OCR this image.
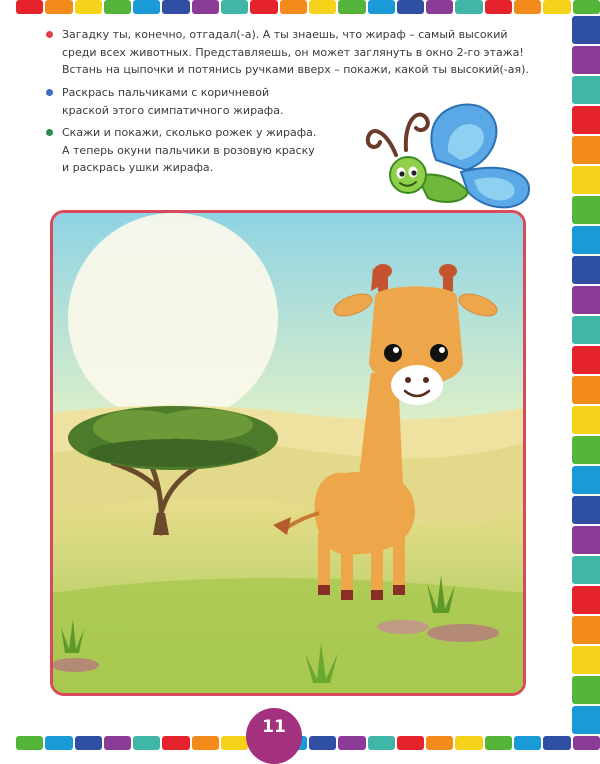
Загадку ты, конечно, отгадал(-а). А ты знаешь, что жираф – самый высокий
среди всех животных. Представляешь, он может заглянуть в окно 2-го этажа!
Встань на цыпочки и потянись ручками вверх – покажи, какой ты высокий(-ая).
Раскрась пальчиками с коричневой
краской этого симпатичного жирафа.
Скажи и покажи, сколько рожек у жирафа.
А теперь окуни пальчики в розовую краску
и раскрась ушки жирафа.
11
